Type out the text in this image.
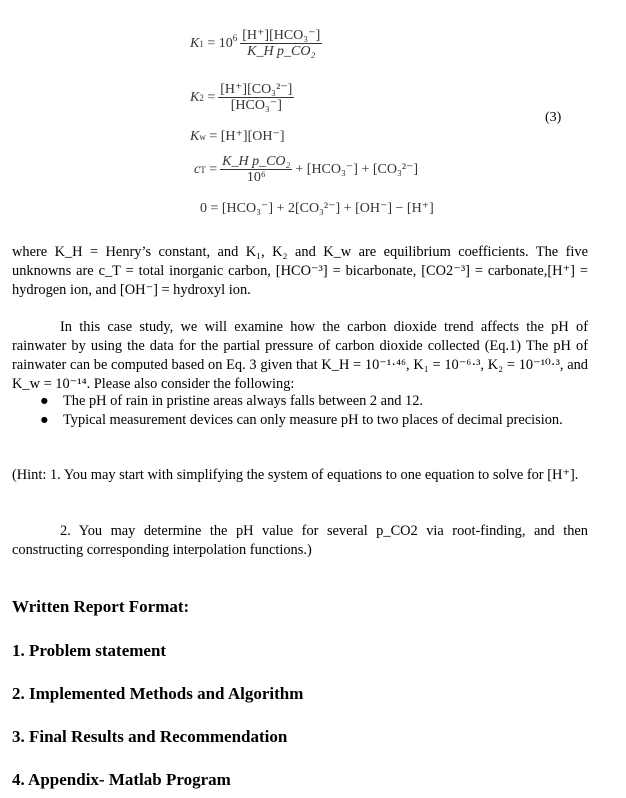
K 1
= $10^6 \frac{\text{[H⁺][HCO₃⁻]}}{\text{K\_H p\_CO₂}}$
K $2 = \frac{\text{[H⁺][CO₃²⁻]}}{\text{[HCO₃⁻]}}$
K w
= [H⁺][OH⁻]
c $T = \frac{\text{K\_H p\_CO₂}}{\text{10⁶}} + [HCO_3^-] + [CO_3^{2-}]$
0 = [HCO₃⁻] + 2[CO₃²⁻] + [OH⁻] − [H⁺]
(3)
where K_H = Henry’s constant, and K₁, K₂ and K_w are equilibrium coefficients. The five unknowns are c_T = total inorganic carbon, [HCO⁻³] = bicarbonate, [CO2⁻³] = carbonate,[H⁺] = hydrogen ion, and [OH⁻] = hydroxyl ion.
In this case study, we will examine how the carbon dioxide trend affects the pH of rainwater by using the data for the partial pressure of carbon dioxide collected (Eq.1) The pH of rainwater can be computed based on Eq. 3 given that K_H = 10⁻¹·⁴⁶, K₁ = 10⁻⁶·³, K₂ = 10⁻¹⁰·³, and K_w = 10⁻¹⁴. Please also consider the following:
● The pH of rain in pristine areas always falls between 2 and 12.
● Typical measurement devices can only measure pH to two places of decimal precision.
(Hint: 1. You may start with simplifying the system of equations to one equation to solve for [H⁺].
2. You may determine the pH value for several p_CO2 via root-finding, and then constructing corresponding interpolation functions.)
Written Report Format:
1. Problem statement
2. Implemented Methods and Algorithm
3. Final Results and Recommendation
4. Appendix- Matlab Program
